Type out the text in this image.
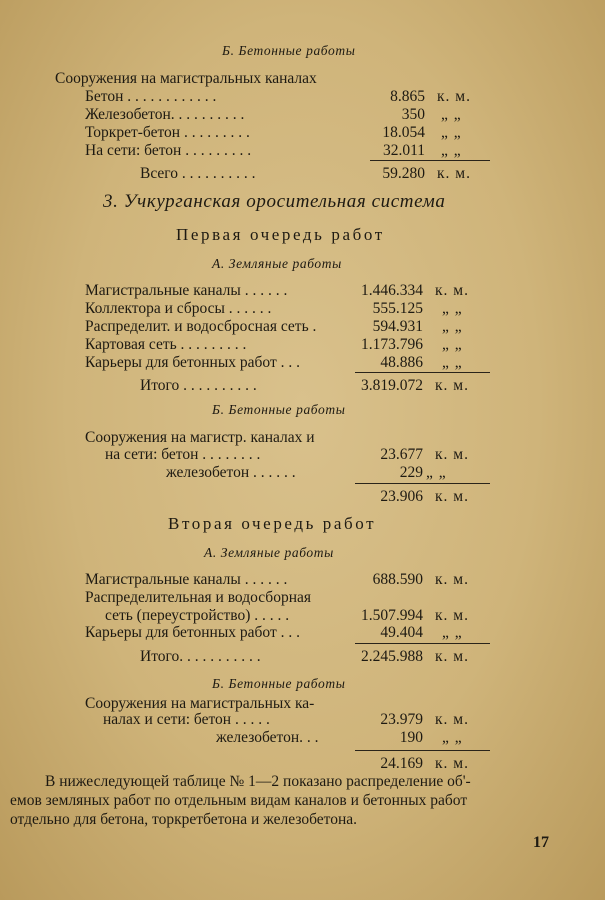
Б. Бетонные работы
Сооружения на магистральных каналах
Бетон . . . . . . . . . . . .	8.865 к. м.
Железобетон. . . . . . . . . .	350 „ „
Торкрет-бетон . . . . . . . . .	18.054 „ „
На сети: бетон . . . . . . . . .	32.011 „ „
Всего . . . . . . . . . .	59.280 к. м.
3. Учкурганская оросительная система
Первая очередь работ
А. Земляные работы
Магистральные каналы . . . . . .	1.446.334 к. м.
Коллектора и сбросы . . . . . .	555.125 „ „
Распределит. и водосбросная сеть .	594.931 „ „
Картовая сеть . . . . . . . . .	1.173.796 „ „
Карьеры для бетонных работ . . .	48.886 „ „
Итого . . . . . . . . . .	3.819.072 к. м.
Б. Бетонные работы
Сооружения на магистр. каналах и
на сети: бетон . . . . . . . .	23.677 к. м.
железобетон . . . . . .	229 „ „
23.906 к. м.
Вторая очередь работ
А. Земляные работы
Магистральные каналы . . . . . .	688.590 к. м.
Распределительная и водосборная
сеть (переустройство) . . . . .	1.507.994 к. м.
Карьеры для бетонных работ . . .	49.404 „ „
Итого. . . . . . . . . . .	2.245.988 к. м.
Б. Бетонные работы
Сооружения на магистральных ка-
налах и сети: бетон . . . . .	23.979 к. м.
железобетон. . .	190 „ „
24.169 к. м.
В нижеследующей таблице № 1—2 показано распределение об'-
емов земляных работ по отдельным видам каналов и бетонных работ
отдельно для бетона, торкретбетона и железобетона.
17
